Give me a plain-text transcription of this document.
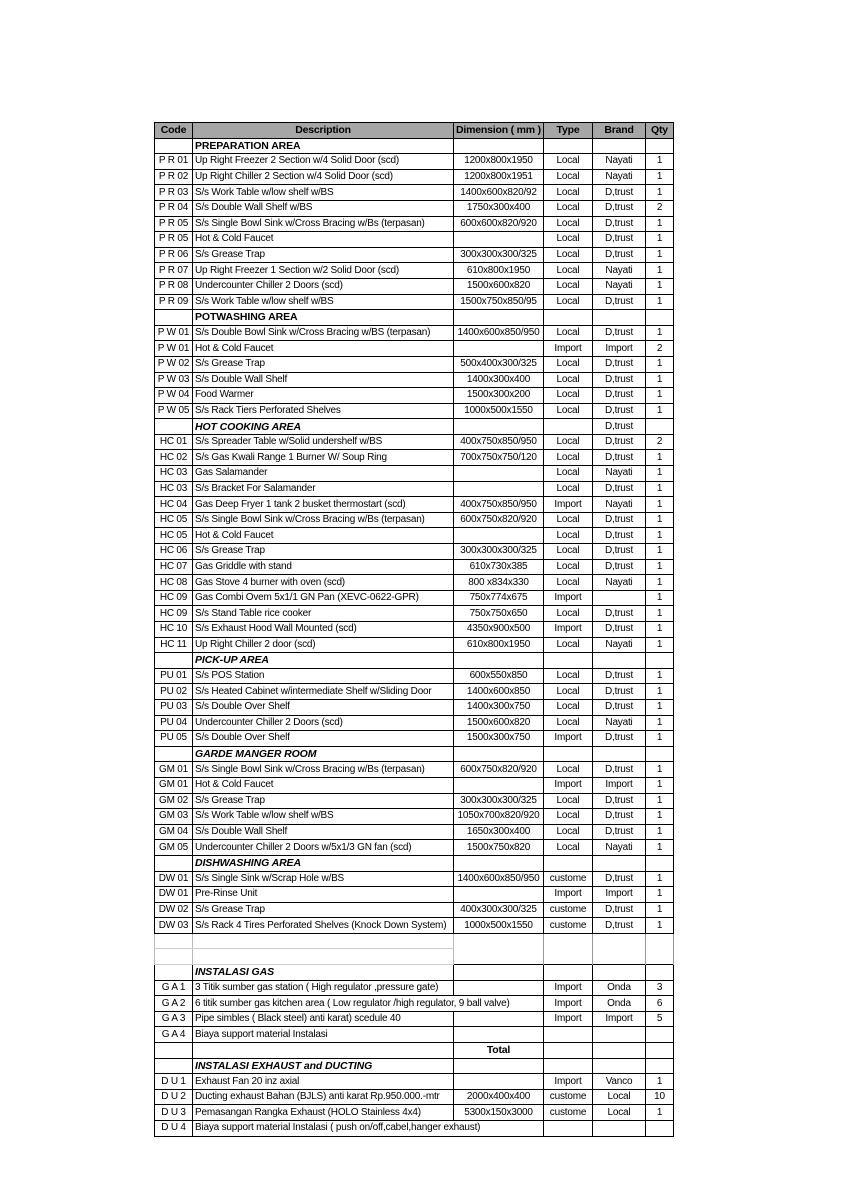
Code	Description	Dimension ( mm )	Type	Brand	Qty
	PREPARATION AREA				
P R 01	Up Right Freezer 2 Section w/4 Solid Door (scd)	1200x800x1950	Local	Nayati	1
P R 02	Up Right Chiller 2 Section w/4 Solid Door (scd)	1200x800x1951	Local	Nayati	1
P R 03	S/s Work Table w/low shelf w/BS	1400x600x820/92	Local	D,trust	1
P R 04	S/s Double Wall Shelf w/BS	1750x300x400	Local	D,trust	2
P R 05	S/s Single Bowl Sink w/Cross Bracing w/Bs (terpasan)	600x600x820/920	Local	D,trust	1
P R 05	Hot & Cold Faucet		Local	D,trust	1
P R 06	S/s Grease Trap	300x300x300/325	Local	D,trust	1
P R 07	Up Right Freezer 1 Section w/2 Solid Door (scd)	610x800x1950	Local	Nayati	1
P R 08	Undercounter Chiller 2 Doors (scd)	1500x600x820	Local	Nayati	1
P R 09	S/s Work Table w/low shelf w/BS	1500x750x850/95	Local	D,trust	1
	POTWASHING AREA				
P W 01	S/s Double Bowl Sink w/Cross Bracing w/BS (terpasan)	1400x600x850/950	Local	D,trust	1
P W 01	Hot & Cold Faucet		Import	Import	2
P W 02	S/s Grease Trap	500x400x300/325	Local	D,trust	1
P W 03	S/s Double Wall Shelf	1400x300x400	Local	D,trust	1
P W 04	Food Warmer	1500x300x200	Local	D,trust	1
P W 05	S/s Rack Tiers Perforated Shelves	1000x500x1550	Local	D,trust	1
	HOT COOKING AREA			D,trust	
HC 01	S/s Spreader Table w/Solid undershelf w/BS	400x750x850/950	Local	D,trust	2
HC 02	S/s Gas Kwali Range 1 Burner W/ Soup Ring	700x750x750/120	Local	D,trust	1
HC 03	Gas Salamander		Local	Nayati	1
HC 03	S/s Bracket For Salamander		Local	D,trust	1
HC 04	Gas Deep Fryer 1 tank 2 busket thermostart (scd)	400x750x850/950	Import	Nayati	1
HC 05	S/s Single Bowl Sink w/Cross Bracing w/Bs (terpasan)	600x750x820/920	Local	D,trust	1
HC 05	Hot & Cold Faucet		Local	D,trust	1
HC 06	S/s Grease Trap	300x300x300/325	Local	D,trust	1
HC 07	Gas Griddle with stand	610x730x385	Local	D,trust	1
HC 08	Gas Stove 4 burner with oven (scd)	800 x834x330	Local	Nayati	1
HC 09	Gas Combi Ovem 5x1/1 GN Pan (XEVC-0622-GPR)	750x774x675	Import		1
HC 09	S/s Stand Table rice cooker	750x750x650	Local	D,trust	1
HC 10	S/s Exhaust Hood Wall Mounted (scd)	4350x900x500	Import	D,trust	1
HC 11	Up Right Chiller 2 door (scd)	610x800x1950	Local	Nayati	1
	PICK-UP AREA				
PU 01	S/s POS Station	600x550x850	Local	D,trust	1
PU 02	S/s Heated Cabinet w/intermediate Shelf w/Sliding Door	1400x600x850	Local	D,trust	1
PU 03	S/s Double Over Shelf	1400x300x750	Local	D,trust	1
PU 04	Undercounter Chiller 2 Doors (scd)	1500x600x820	Local	Nayati	1
PU 05	S/s Double Over Shelf	1500x300x750	Import	D,trust	1
	GARDE MANGER ROOM				
GM 01	S/s Single Bowl Sink w/Cross Bracing w/Bs (terpasan)	600x750x820/920	Local	D,trust	1
GM 01	Hot & Cold Faucet		Import	Import	1
GM 02	S/s Grease Trap	300x300x300/325	Local	D,trust	1
GM 03	S/s Work Table w/low shelf w/BS	1050x700x820/920	Local	D,trust	1
GM 04	S/s Double Wall Shelf	1650x300x400	Local	D,trust	1
GM 05	Undercounter Chiller 2 Doors w/5x1/3 GN fan (scd)	1500x750x820	Local	Nayati	1
	DISHWASHING AREA				
DW 01	S/s Single Sink w/Scrap Hole w/BS	1400x600x850/950	custome	D,trust	1
DW 01	Pre-Rinse Unit		Import	Import	1
DW 02	S/s Grease Trap	400x300x300/325	custome	D,trust	1
DW 03	S/s Rack 4 Tires Perforated Shelves (Knock Down System)	1000x500x1550	custome	D,trust	1

	INSTALASI GAS				
G A 1	3 Titik sumber gas station ( High regulator ,pressure gate)		Import	Onda	3
G A 2	6 titik sumber gas kitchen area ( Low regulator /high regulator, 9 ball valve)		Import	Onda	6
G A 3	Pipe simbles ( Black steel) anti karat) scedule 40		Import	Import	5
G A 4	Biaya support material Instalasi				
		Total			
	INSTALASI EXHAUST and DUCTING				
D U 1	Exhaust Fan 20 inz axial		Import	Vanco	1
D U 2	Ducting exhaust Bahan (BJLS) anti karat Rp.950.000.-mtr	2000x400x400	custome	Local	10
D U 3	Pemasangan Rangka Exhaust (HOLO Stainless 4x4)	5300x150x3000	custome	Local	1
D U 4	Biaya support material Instalasi ( push on/off,cabel,hanger exhaust)				
